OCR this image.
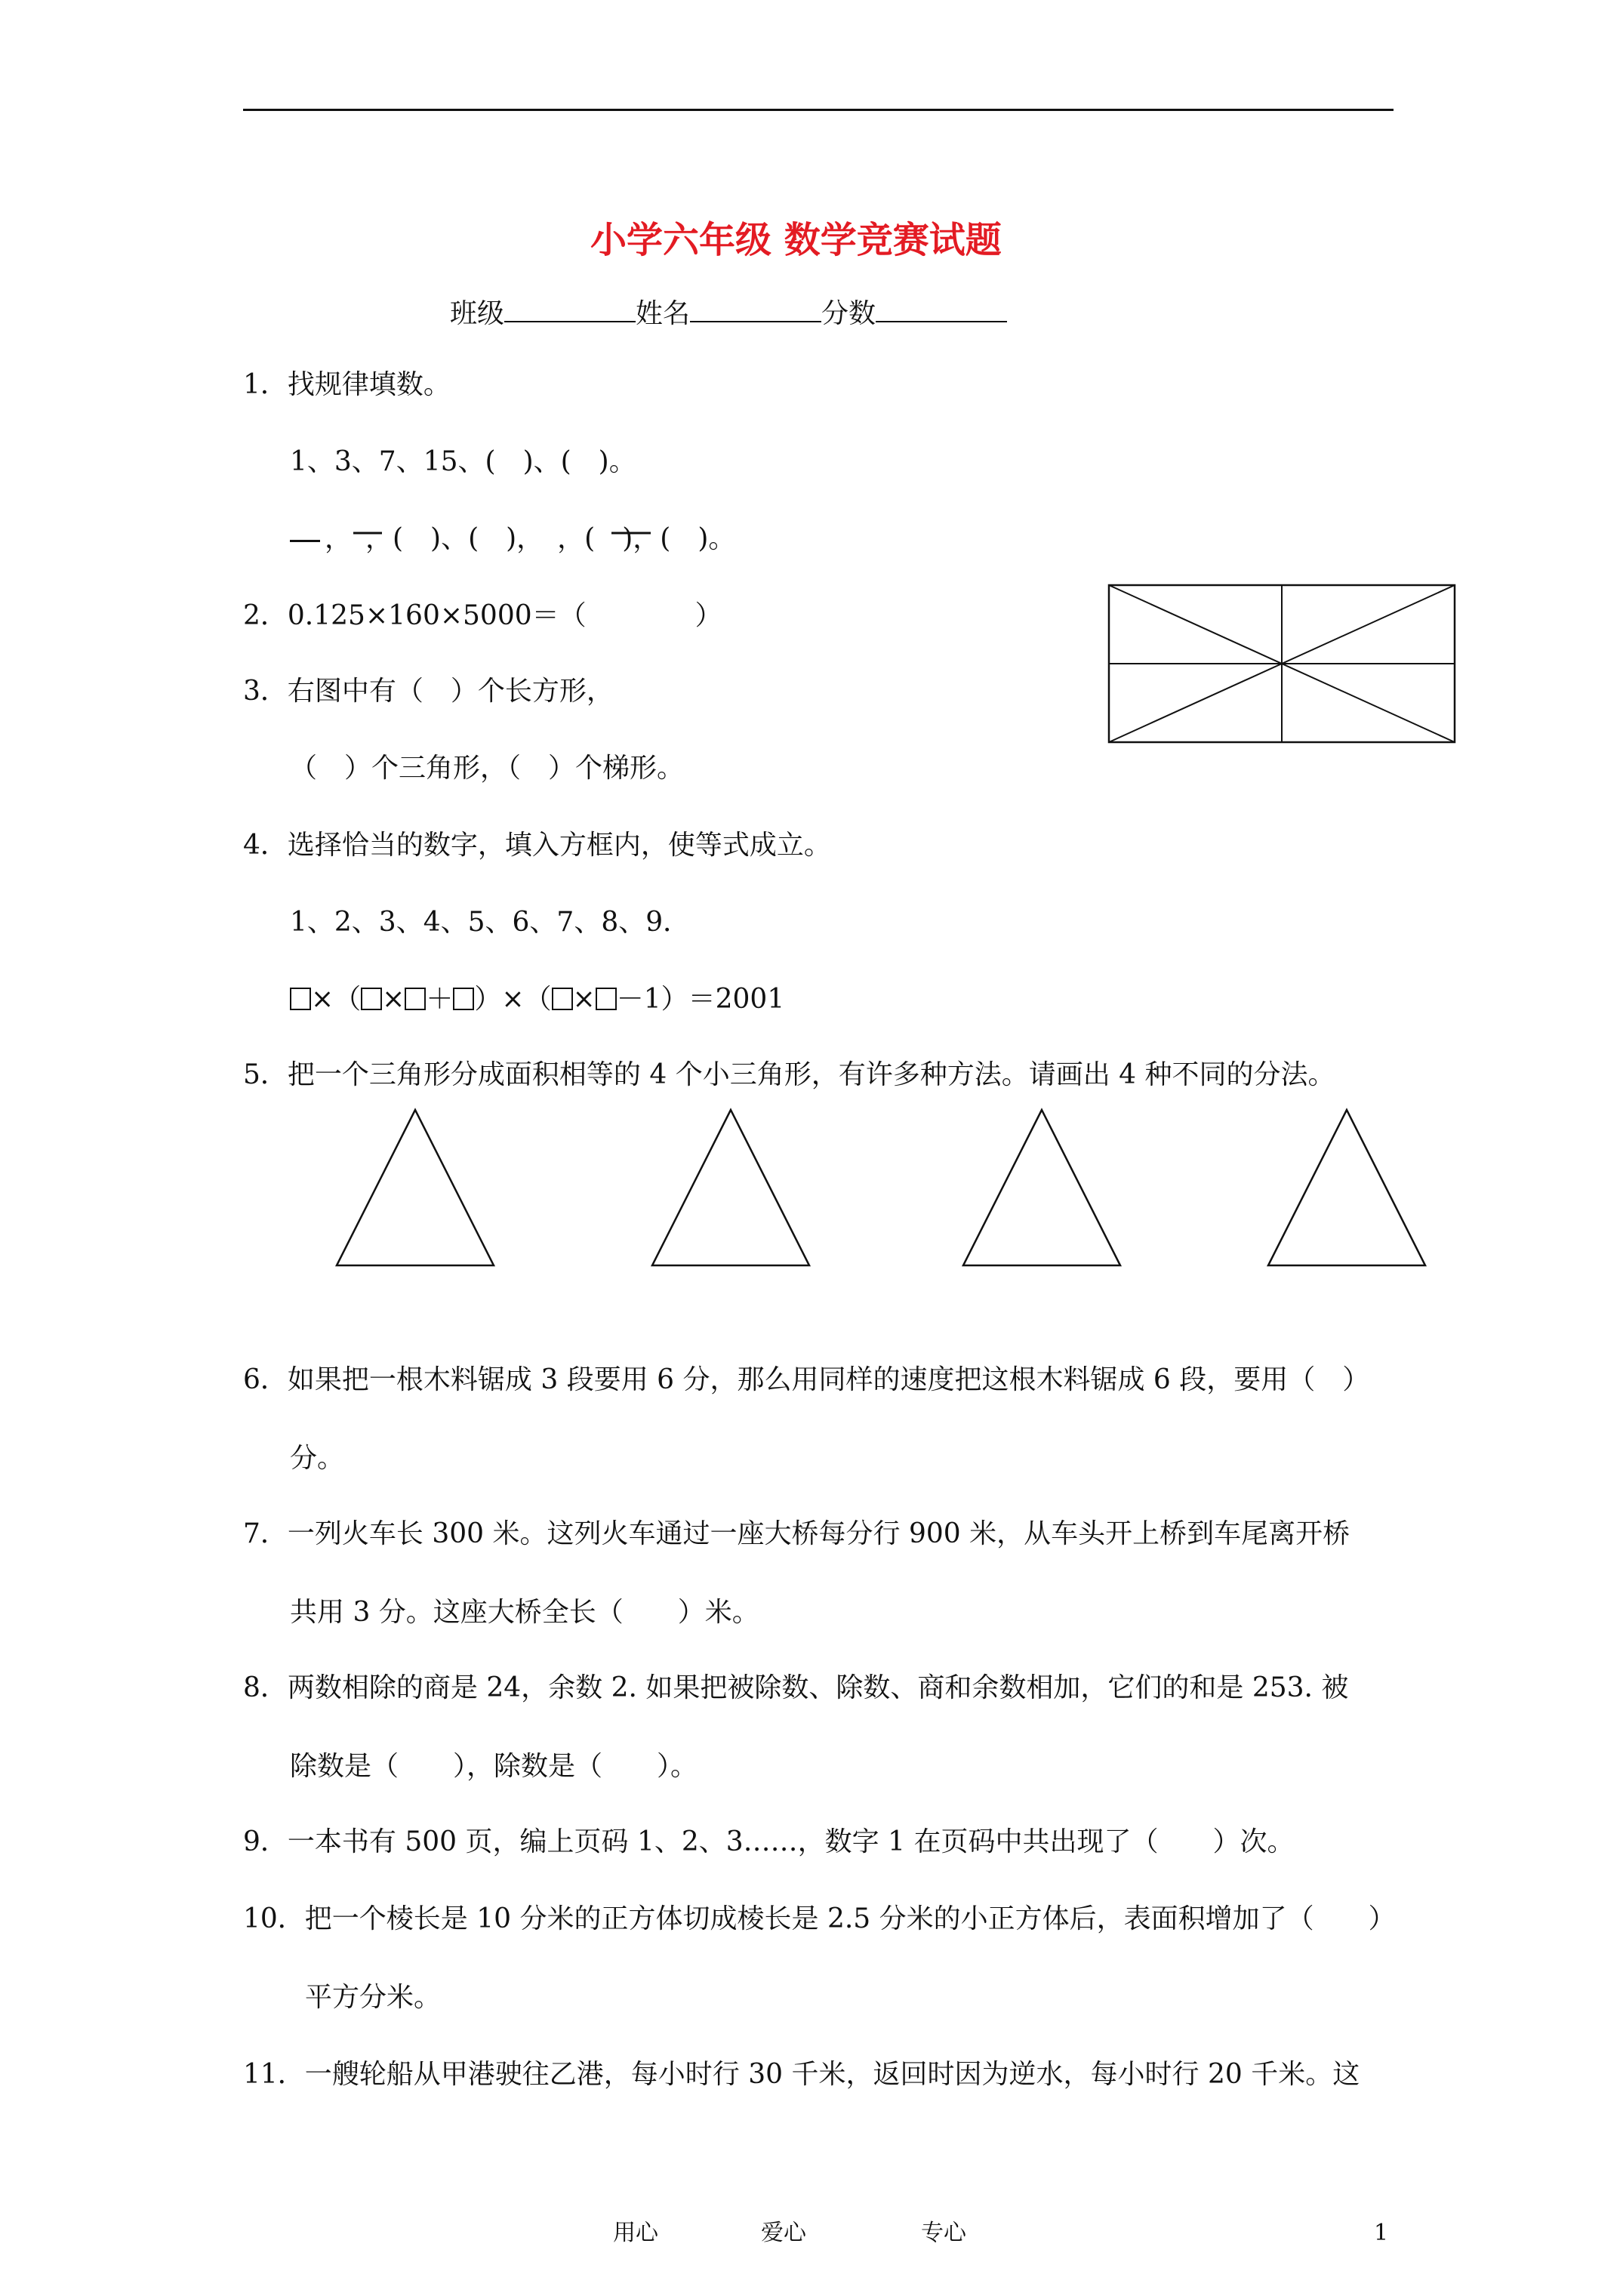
小学六年级 数学竞赛试题
班级	姓名	分数
1．找规律填数。
1、3、7、15、(　)、(　)。
，　，(　)、(　)，　，(　)，(　)。
2．0.125×160×5000＝（　　　　）
3．右图中有（　）个长方形，
（　）个三角形，（　）个梯形。
4．选择恰当的数字，填入方框内，使等式成立。
1、2、3、4、5、6、7、8、9．
×（ × ＋ ）×（ × －1）＝2001
5．把一个三角形分成面积相等的 4 个小三角形，有许多种方法。请画出 4 种不同的分法。
6．如果把一根木料锯成 3 段要用 6 分，那么用同样的速度把这根木料锯成 6 段，要用（　）
分。
7．一列火车长 300 米。这列火车通过一座大桥每分行 900 米，从车头开上桥到车尾离开桥
共用 3 分。这座大桥全长（　　）米。
8．两数相除的商是 24，余数 2. 如果把被除数、除数、商和余数相加，它们的和是 253. 被
除数是（　　），除数是（　　）。
9．一本书有 500 页，编上页码 1、2、3……，数字 1 在页码中共出现了（　　）次。
10．把一个棱长是 10 分米的正方体切成棱长是 2.5 分米的小正方体后，表面积增加了（　　）
平方分米。
11．一艘轮船从甲港驶往乙港，每小时行 30 千米，返回时因为逆水，每小时行 20 千米。这
用心	爱心	专心	1
